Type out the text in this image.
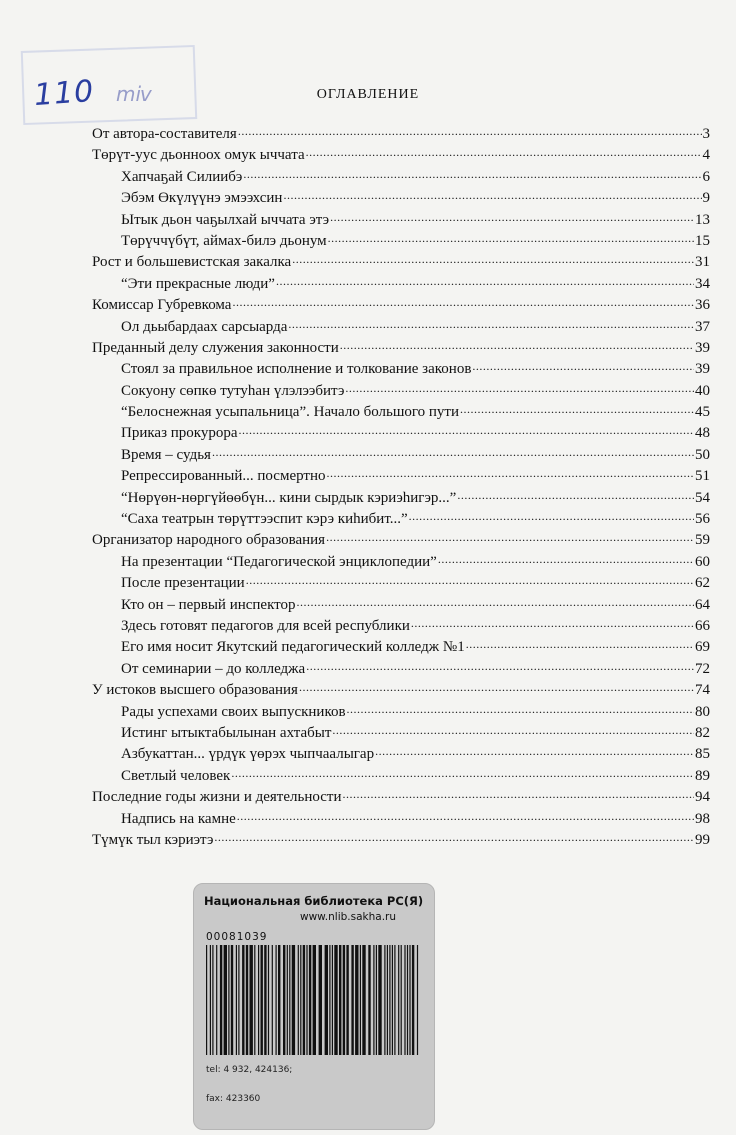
110 ⅿⅳ	ОГЛАВЛЕНИЕ
От автора-составителя .....	3
Төрүт-уус дьонноох омук ыччата .....	4
Хапчаҕай Силиибэ .....	6
Эбэм Өкүлүүнэ эмээхсин .....	9
Ытык дьон чаҕылхай ыччата этэ .....	13
Төрүччүбүт, аймах-билэ дьонум .....	15
Рост и большевистская закалка .....	31
“Эти прекрасные люди” .....	34
Комиссар Губревкома .....	36
Ол дьыбардаах сарсыарда .....	37
Преданный делу служения законности .....	39
Стоял за правильное исполнение и толкование законов .....	39
Сокуону сөпкө тутуһан үлэлээбитэ .....	40
“Белоснежная усыпальница”. Начало большого пути .....	45
Приказ прокурора .....	48
Время – судья .....	50
Репрессированный... посмертно .....	51
“Нөрүөн-нөргүйөөбүн... кини сырдык кэриэһигэр...” .....	54
“Саха театрын төрүттээспит кэрэ киһибит...” .....	56
Организатор народного образования .....	59
На презентации “Педагогической энциклопедии” .....	60
После презентации .....	62
Кто он – первый инспектор .....	64
Здесь готовят педагогов для всей республики .....	66
Его имя носит Якутский педагогический колледж №1 .....	69
От семинарии – до колледжа .....	72
У истоков высшего образования .....	74
Рады успехами своих выпускников .....	80
Истинг ытыктабылынан ахтабыт .....	82
Азбукаттан... үрдүк үөрэх чыпчаалыгар .....	85
Светлый человек .....	89
Последние годы жизни и деятельности .....	94
Надпись на камне .....	98
Түмүк тыл кэриэтэ .....	99
Национальная библиотека РС(Я)
www.nlib.sakha.ru
00081039
tel: 4 932, 424136;
fax: 423360
